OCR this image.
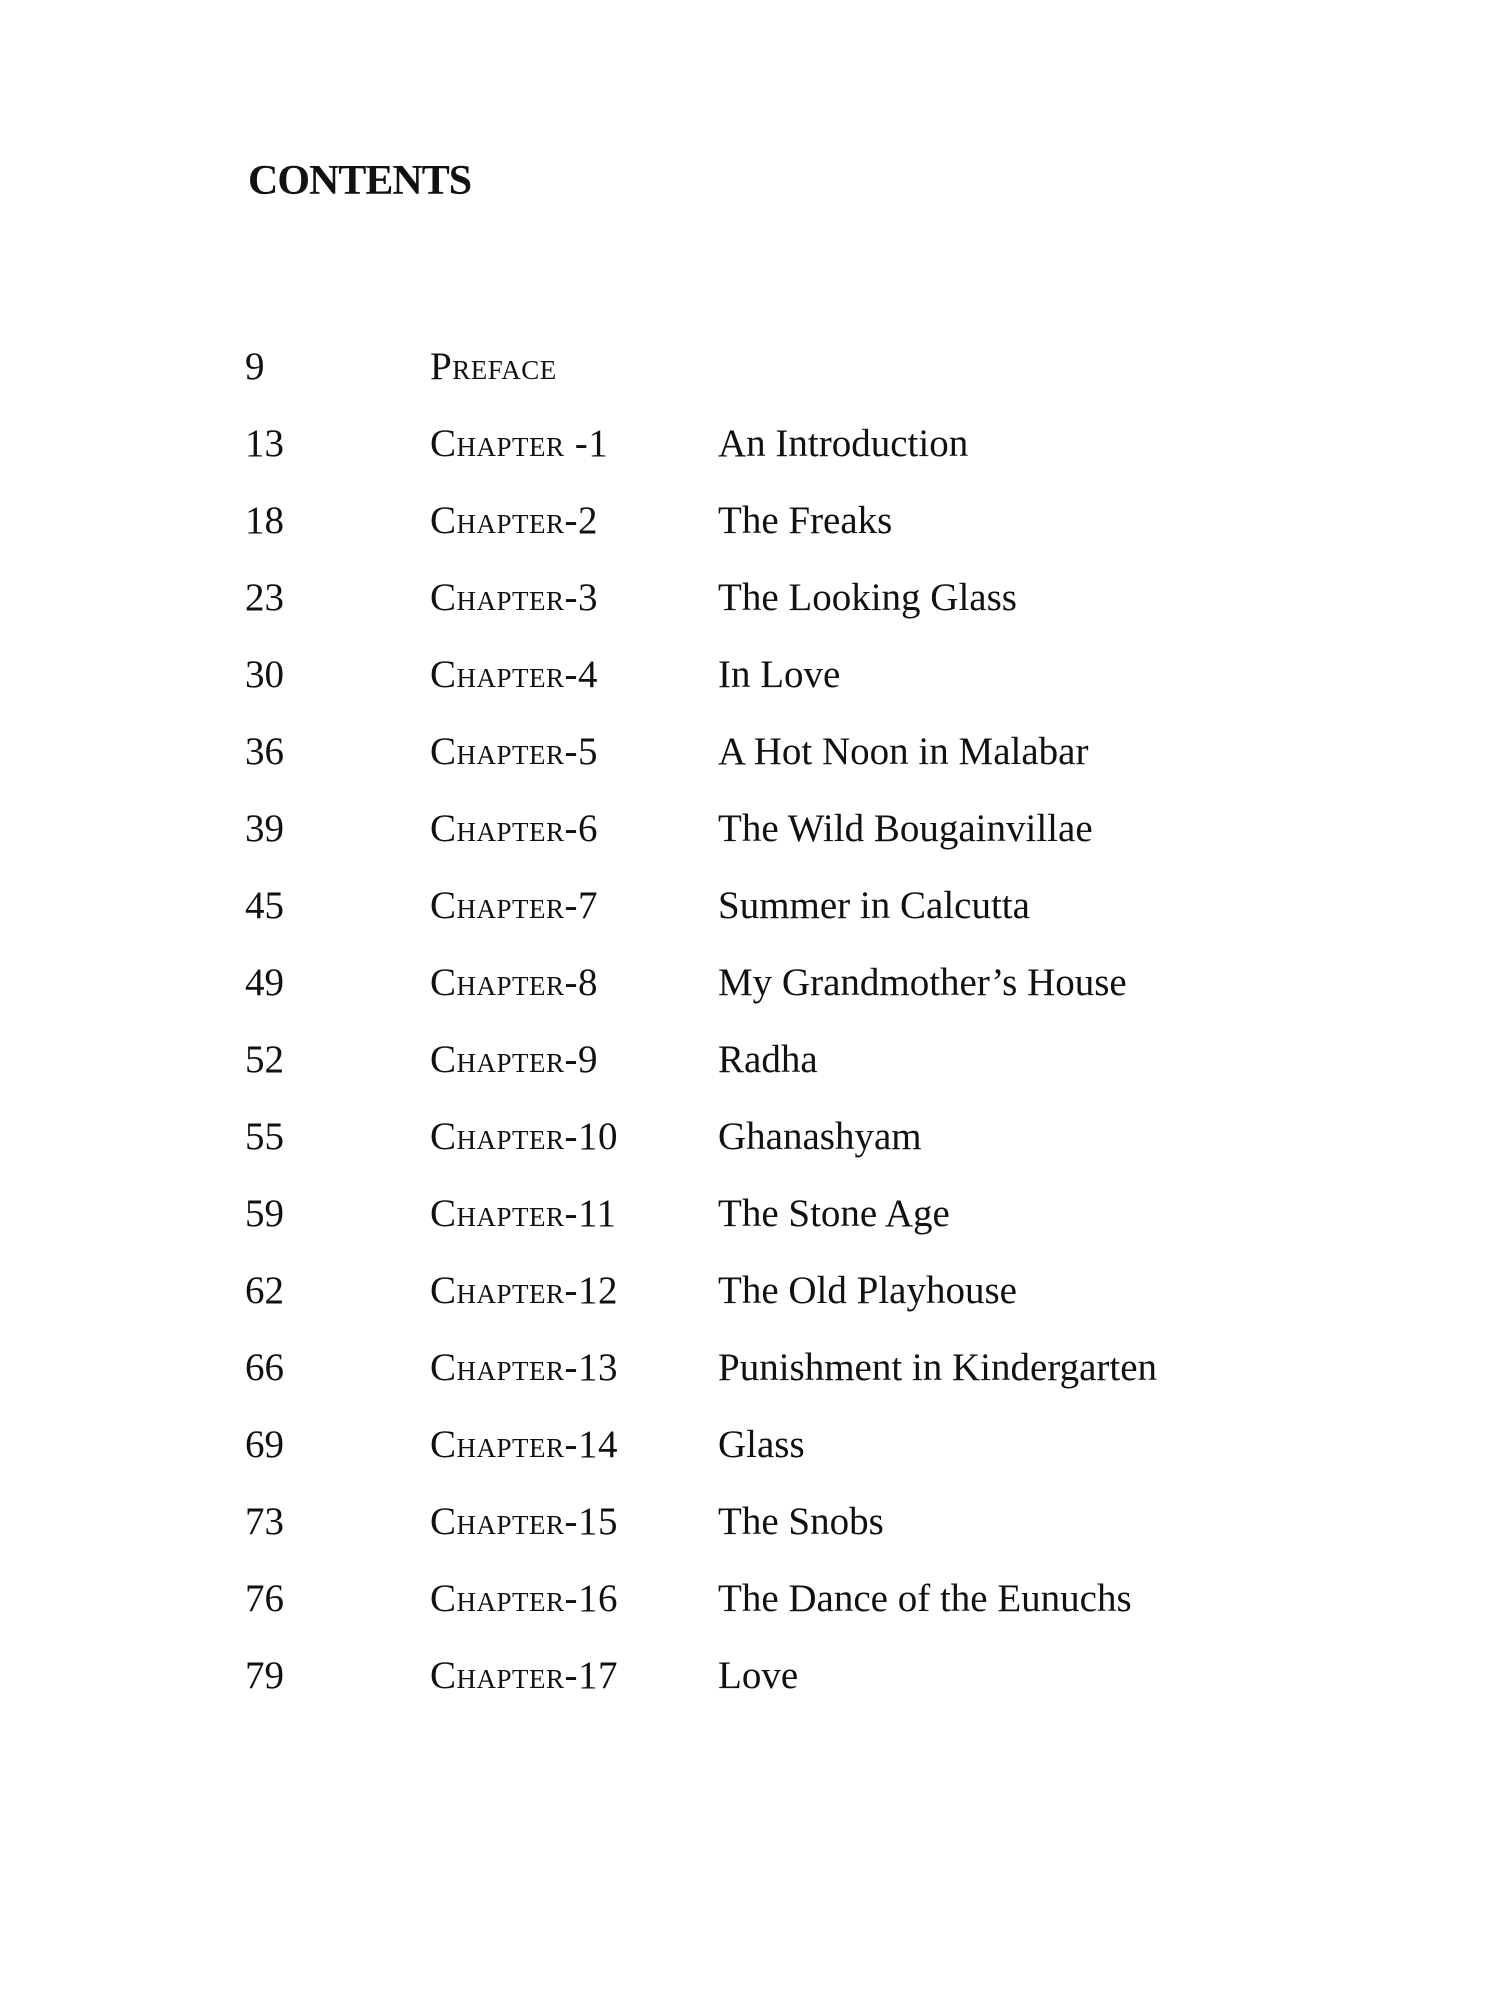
CONTENTS
9	Preface
13	Chapter -1	An Introduction
18	Chapter-2	The Freaks
23	Chapter-3	The Looking Glass
30	Chapter-4	In Love
36	Chapter-5	A Hot Noon in Malabar
39	Chapter-6	The Wild Bougainvillae
45	Chapter-7	Summer in Calcutta
49	Chapter-8	My Grandmother’s House
52	Chapter-9	Radha
55	Chapter-10	Ghanashyam
59	Chapter-11	The Stone Age
62	Chapter-12	The Old Playhouse
66	Chapter-13	Punishment in Kindergarten
69	Chapter-14	Glass
73	Chapter-15	The Snobs
76	Chapter-16	The Dance of the Eunuchs
79	Chapter-17	Love
